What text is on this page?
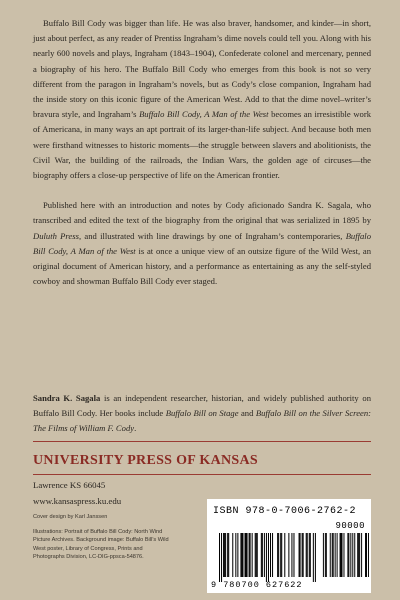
Buffalo Bill Cody was bigger than life. He was also braver, handsomer, and kinder—in short, just about perfect, as any reader of Prentiss Ingraham’s dime novels could tell you. Along with his nearly 600 novels and plays, Ingraham (1843–1904), Confederate colonel and mercenary, penned a biography of his hero. The Buffalo Bill Cody who emerges from this book is not so very different from the paragon in Ingraham’s novels, but as Cody’s close companion, Ingraham had the inside story on this iconic figure of the American West. Add to that the dime novel–writer’s bravura style, and Ingraham’s Buffalo Bill Cody, A Man of the West becomes an irresistible work of Americana, in many ways an apt portrait of its larger-than-life subject. And because both men were firsthand witnesses to historic moments—the struggle between slavers and abolitionists, the Civil War, the building of the railroads, the Indian Wars, the golden age of circuses—the biography offers a close-up perspective of life on the American frontier.

Published here with an introduction and notes by Cody aficionado Sandra K. Sagala, who transcribed and edited the text of the biography from the original that was serialized in 1895 by Duluth Press, and illustrated with line drawings by one of Ingraham’s contemporaries, Buffalo Bill Cody, A Man of the West is at once a unique view of an outsize figure of the Wild West, an original document of American history, and a performance as entertaining as any the self-styled cowboy and showman Buffalo Bill Cody ever staged.

Sandra K. Sagala is an independent researcher, historian, and widely published authority on Buffalo Bill Cody. Her books include Buffalo Bill on Stage and Buffalo Bill on the Silver Screen: The Films of William F. Cody.

UNIVERSITY PRESS OF KANSAS
Lawrence KS 66045
www.kansaspress.ku.edu

Cover design by Karl Janssen

Illustrations: Portrait of Buffalo Bill Cody: North Wind Picture Archives. Background image: Buffalo Bill’s Wild West poster, Library of Congress, Prints and Photographs Division, LC-DIG-ppsca-54876.

ISBN 978-0-7006-2762-2
90000
9 780700 627622
